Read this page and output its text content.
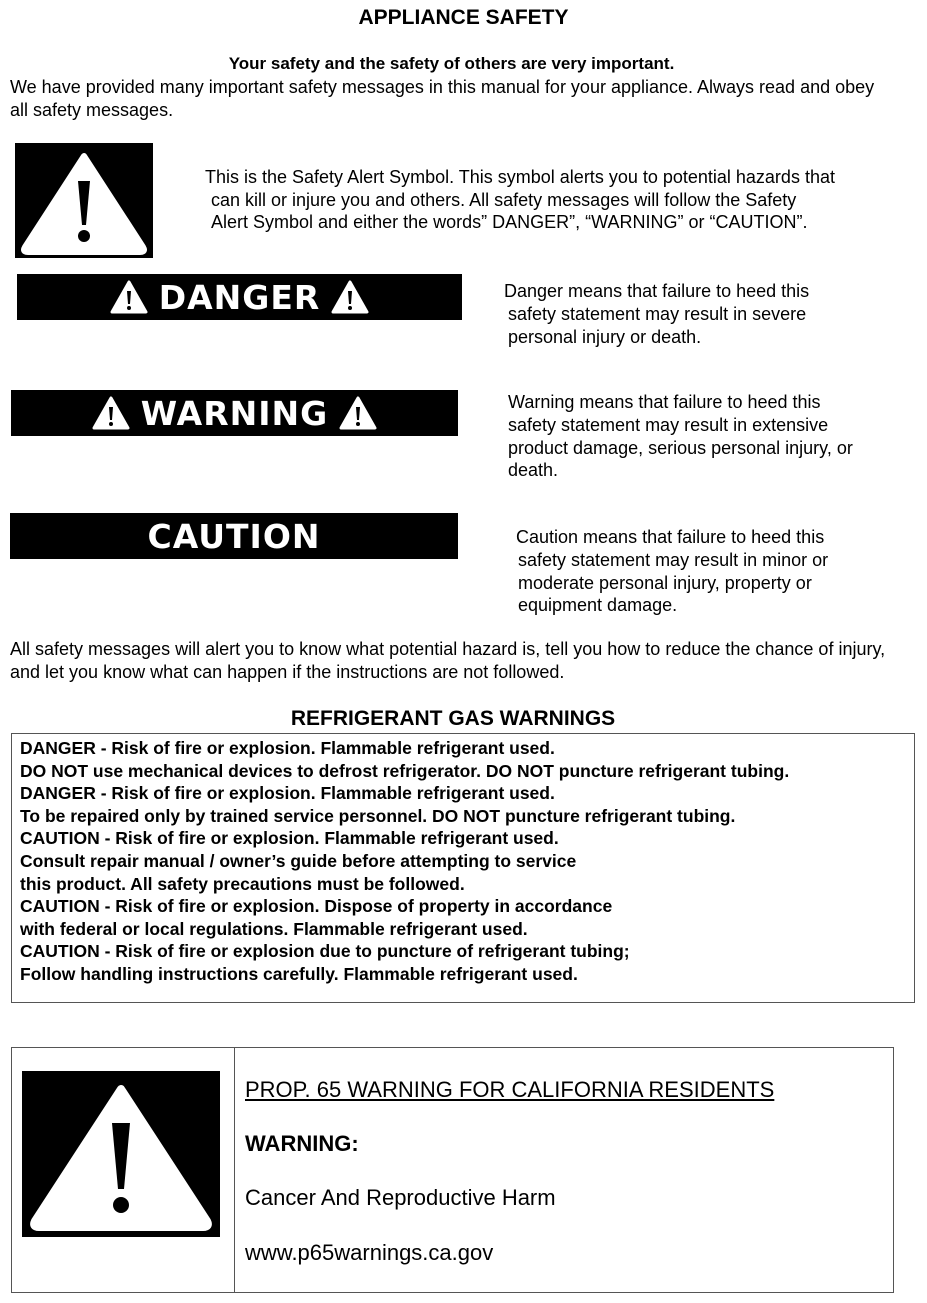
APPLIANCE SAFETY
Your safety and the safety of others are very important.
We have provided many important safety messages in this manual for your appliance. Always read and obey all safety messages.
This is the Safety Alert Symbol. This symbol alerts you to potential hazards that
can kill or injure you and others. All safety messages will follow the Safety
Alert Symbol and either the words” DANGER”, “WARNING” or “CAUTION”.
DANGER	Danger means that failure to heed this
safety statement may result in severe
personal injury or death.
WARNING	Warning means that failure to heed this
safety statement may result in extensive
product damage, serious personal injury, or
death.
CAUTION	Caution means that failure to heed this
safety statement may result in minor or
moderate personal injury, property or
equipment damage.
All safety messages will alert you to know what potential hazard is, tell you how to reduce the chance of injury, and let you know what can happen if the instructions are not followed.
REFRIGERANT GAS WARNINGS
DANGER - Risk of fire or explosion. Flammable refrigerant used.
DO NOT use mechanical devices to defrost refrigerator. DO NOT puncture refrigerant tubing.
DANGER - Risk of fire or explosion. Flammable refrigerant used.
To be repaired only by trained service personnel. DO NOT puncture refrigerant tubing.
CAUTION - Risk of fire or explosion. Flammable refrigerant used.
Consult repair manual / owner’s guide before attempting to service
this product. All safety precautions must be followed.
CAUTION - Risk of fire or explosion. Dispose of property in accordance
with federal or local regulations. Flammable refrigerant used.
CAUTION - Risk of fire or explosion due to puncture of refrigerant tubing;
Follow handling instructions carefully. Flammable refrigerant used.
PROP. 65 WARNING FOR CALIFORNIA RESIDENTS
WARNING:
Cancer And Reproductive Harm
www.p65warnings.ca.gov
